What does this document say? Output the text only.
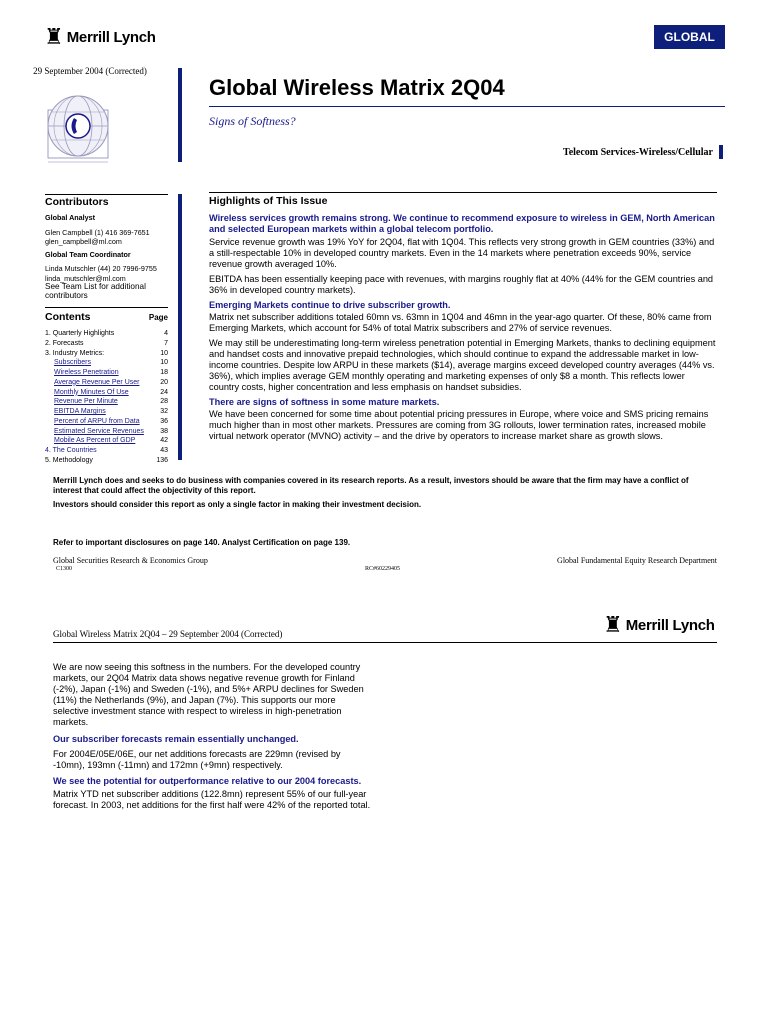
♜ Merrill Lynch	GLOBAL
29 September 2004 (Corrected)
Global Wireless Matrix 2Q04
Signs of Softness?
Telecom Services-Wireless/Cellular
Contributors
Global Analyst
Glen Campbell (1) 416 369-7651
glen_campbell@ml.com
Global Team Coordinator
Linda Mutschler (44) 20 7996-9755
linda_mutschler@ml.com
See Team List for additional contributors
Contents	Page
1. Quarterly Highlights	4
2. Forecasts	7
3. Industry Metrics:	10
Subscribers	10
Wireless Penetration	18
Average Revenue Per User	20
Monthly Minutes Of Use	24
Revenue Per Minute	28
EBITDA Margins	32
Percent of ARPU from Data	36
Estimated Service Revenues 38
Mobile As Percent of GDP	42
4. The Countries	43
5. Methodology	136
Highlights of This Issue
Wireless services growth remains strong. We continue to recommend exposure to wireless in GEM, North American and selected European markets within a global telecom portfolio.
Service revenue growth was 19% YoY for 2Q04, flat with 1Q04. This reflects very strong growth in GEM countries (33%) and a still-respectable 10% in developed country markets. Even in the 14 markets where penetration exceeds 90%, service revenue growth averaged 10%.
EBITDA has been essentially keeping pace with revenues, with margins roughly flat at 40% (44% for the GEM countries and 36% in developed country markets).
Emerging Markets continue to drive subscriber growth.
Matrix net subscriber additions totaled 60mn vs. 63mn in 1Q04 and 46mn in the year-ago quarter. Of these, 80% came from Emerging Markets, which account for 54% of total Matrix subscribers and 27% of service revenues.
We may still be underestimating long-term wireless penetration potential in Emerging Markets, thanks to declining equipment and handset costs and innovative prepaid technologies, which should continue to expand the addressable market in low-income countries. Despite low ARPU in these markets ($14), average margins exceed developed country averages (44% vs. 36%), which implies average GEM monthly operating and marketing expenses of only $8 a month. This reflects lower country costs, higher concentration and less emphasis on handset subsidies.
There are signs of softness in some mature markets.
We have been concerned for some time about potential pricing pressures in Europe, where voice and SMS pricing remains much higher than in most other markets. Pressures are coming from 3G rollouts, lower termination rates, increased mobile virtual network operator (MVNO) activity – and the drive by operators to increase market share as growth slows.
Merrill Lynch does and seeks to do business with companies covered in its research reports. As a result, investors should be aware that the firm may have a conflict of interest that could affect the objectivity of this report.
Investors should consider this report as only a single factor in making their investment decision.
Refer to important disclosures on page 140. Analyst Certification on page 139.
Global Securities Research & Economics Group
C1300	RC#60229405
Global Fundamental Equity Research Department
Global Wireless Matrix 2Q04 – 29 September 2004 (Corrected)	♜ Merrill Lynch
We are now seeing this softness in the numbers. For the developed country markets, our 2Q04 Matrix data shows negative revenue growth for Finland (-2%), Japan (-1%) and Sweden (-1%), and 5%+ ARPU declines for Sweden (11%) the Netherlands (9%), and Japan (7%). This supports our more selective investment stance with respect to wireless in high-penetration markets.
Our subscriber forecasts remain essentially unchanged.
For 2004E/05E/06E, our net additions forecasts are 229mn (revised by -10mn), 193mn (-11mn) and 172mn (+9mn) respectively.
We see the potential for outperformance relative to our 2004 forecasts.
Matrix YTD net subscriber additions (122.8mn) represent 55% of our full-year forecast. In 2003, net additions for the first half were 42% of the reported total.
